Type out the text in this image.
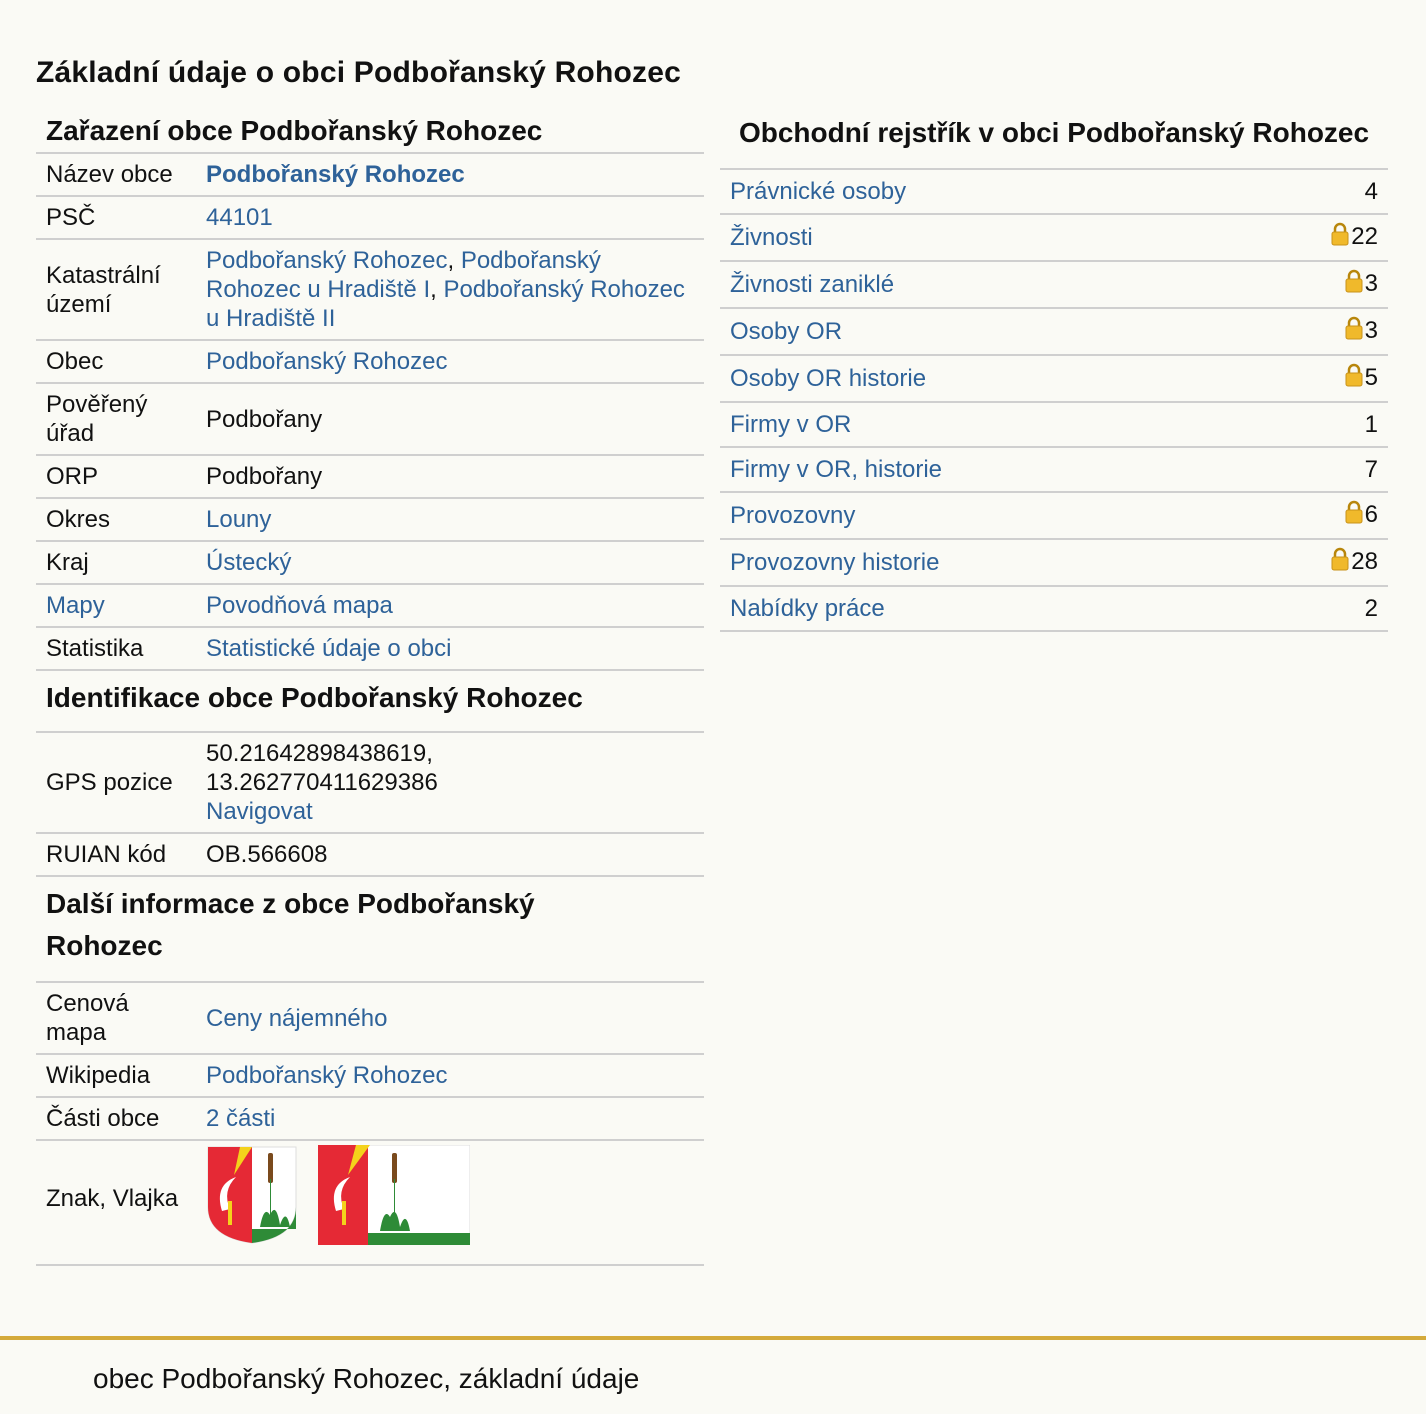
Základní údaje o obci Podbořanský Rohozec
Zařazení obce Podbořanský Rohozec
Název obce	Podbořanský Rohozec
PSČ	44101
Katastrální území	Podbořanský Rohozec, Podbořanský Rohozec u Hradiště I, Podbořanský Rohozec u Hradiště II
Obec	Podbořanský Rohozec
Pověřený úřad	Podbořany
ORP	Podbořany
Okres	Louny
Kraj	Ústecký
Mapy	Povodňová mapa
Statistika	Statistické údaje o obci
Identifikace obce Podbořanský Rohozec
GPS pozice	50.21642898438619,
13.262770411629386
Navigovat
RUIAN kód	OB.566608
Další informace z obce Podbořanský Rohozec
Cenová mapa	Ceny nájemného
Wikipedia	Podbořanský Rohozec
Části obce	2 části
Znak, Vlajka	
Obchodní rejstřík v obci Podbořanský Rohozec
Právnické osoby	4
Živnosti	22
Živnosti zaniklé	3
Osoby OR	3
Osoby OR historie	5
Firmy v OR	1
Firmy v OR, historie	7
Provozovny	6
Provozovny historie	28
Nabídky práce	2
obec Podbořanský Rohozec, základní údaje
